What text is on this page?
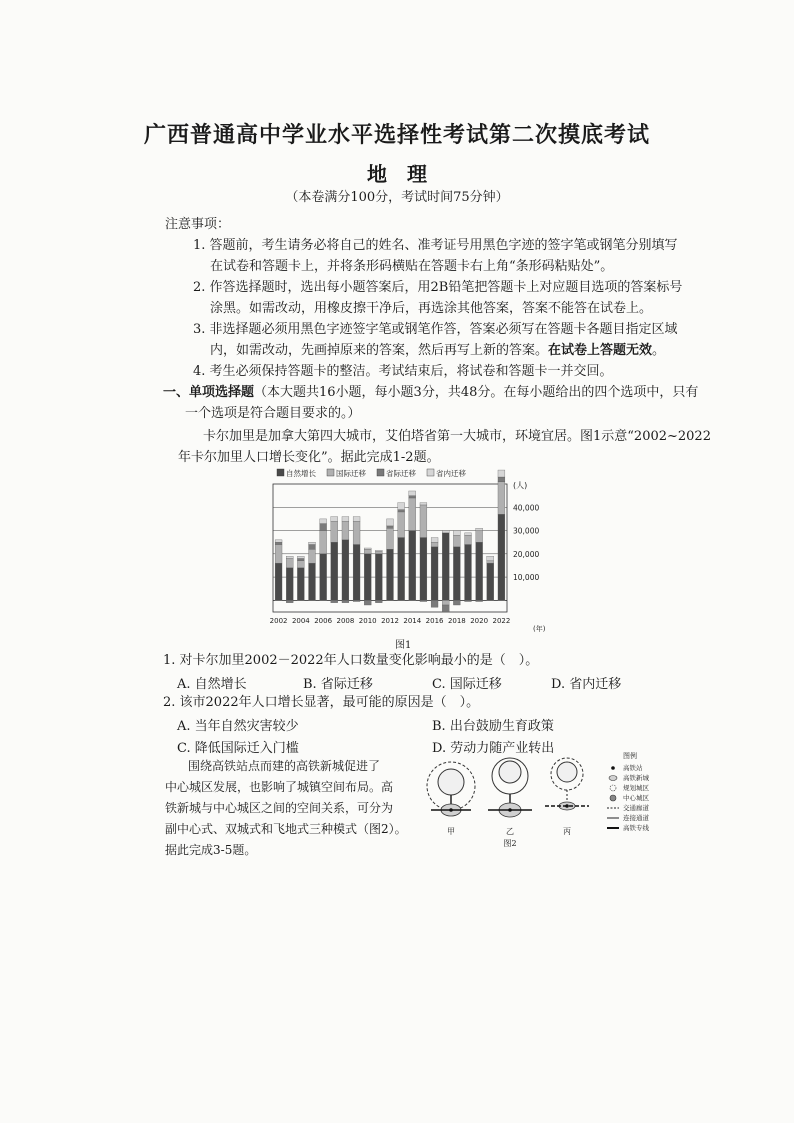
广西普通高中学业水平选择性考试第二次摸底考试
地　理
（本卷满分100分，考试时间75分钟）
注意事项：
1. 答题前，考生请务必将自己的姓名、准考证号用黑色字迹的签字笔或钢笔分别填写
在试卷和答题卡上，并将条形码横贴在答题卡右上角“条形码粘贴处”。
2. 作答选择题时，选出每小题答案后，用2B铅笔把答题卡上对应题目选项的答案标号
涂黑。如需改动，用橡皮擦干净后，再选涂其他答案，答案不能答在试卷上。
3. 非选择题必须用黑色字迹签字笔或钢笔作答，答案必须写在答题卡各题目指定区域
内，如需改动，先画掉原来的答案，然后再写上新的答案。在试卷上答题无效。
4. 考生必须保持答题卡的整洁。考试结束后，将试卷和答题卡一并交回。
一、单项选择题（本大题共16小题，每小题3分，共48分。在每小题给出的四个选项中，只有
一个选项是符合题目要求的。）
卡尔加里是加拿大第四大城市，艾伯塔省第一大城市，环境宜居。图1示意“2002~2022
年卡尔加里人口增长变化”。据此完成1-2题。
自然增长	国际迁移	省际迁移	省内迁移
10,000
20,000
30,000
40,000
2002 2004 2006 2008 2010 2012 2014 2016 2018 2020 2022
(人)
(年)
图1
1. 对卡尔加里2002－2022年人口数量变化影响最小的是（　）。
A. 自然增长	B. 省际迁移	C. 国际迁移	D. 省内迁移
2. 该市2022年人口增长显著，最可能的原因是（　）。
A. 当年自然灾害较少	B. 出台鼓励生育政策
C. 降低国际迁入门槛	D. 劳动力随产业转出
围绕高铁站点而建的高铁新城促进了
中心城区发展，也影响了城镇空间布局。高
铁新城与中心城区之间的空间关系，可分为
副中心式、双城式和飞地式三种模式（图2）。
据此完成3-5题。
甲	乙	丙
图2
图例
高铁站
高铁新城
规划城区
中心城区
交通廊道
连接通道
高铁专线
